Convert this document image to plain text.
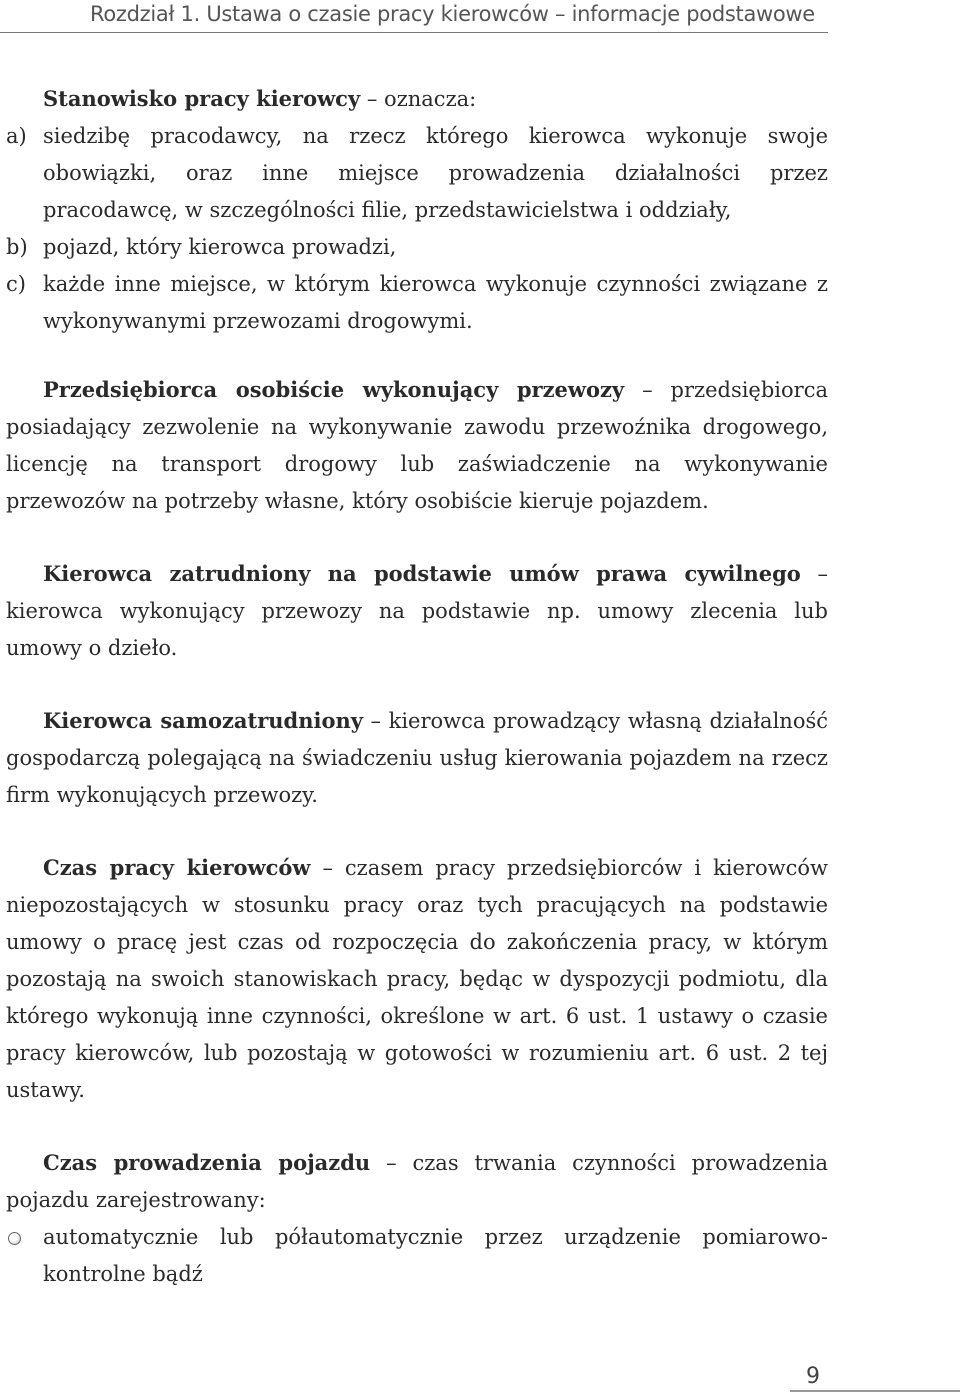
Rozdział 1. Ustawa o czasie pracy kierowców – informacje podstawowe

Stanowisko pracy kierowcy – oznacza:

a) siedzibę pracodawcy, na rzecz którego kierowca wykonuje swoje obowiązki, oraz inne miejsce prowadzenia działalności przez pracodawcę, w szczególności filie, przedstawicielstwa i oddziały,
b) pojazd, który kierowca prowadzi,
c) każde inne miejsce, w którym kierowca wykonuje czynności związane z wykonywanymi przewozami drogowymi.

Przedsiębiorca osobiście wykonujący przewozy – przedsiębiorca posiadający zezwolenie na wykonywanie zawodu przewoźnika drogowego, licencję na transport drogowy lub zaświadczenie na wykonywanie przewozów na potrzeby własne, który osobiście kieruje pojazdem.

Kierowca zatrudniony na podstawie umów prawa cywilnego – kierowca wykonujący przewozy na podstawie np. umowy zlecenia lub umowy o dzieło.

Kierowca samozatrudniony – kierowca prowadzący własną działalność gospodarczą polegającą na świadczeniu usług kierowania pojazdem na rzecz firm wykonujących przewozy.

Czas pracy kierowców – czasem pracy przedsiębiorców i kierowców niepozostających w stosunku pracy oraz tych pracujących na podstawie umowy o pracę jest czas od rozpoczęcia do zakończenia pracy, w którym pozostają na swoich stanowiskach pracy, będąc w dyspozycji podmiotu, dla którego wykonują inne czynności, określone w art. 6 ust. 1 ustawy o czasie pracy kierowców, lub pozostają w gotowości w rozumieniu art. 6 ust. 2 tej ustawy.

Czas prowadzenia pojazdu – czas trwania czynności prowadzenia pojazdu zarejestrowany:

automatycznie lub półautomatycznie przez urządzenie pomiarowo-kontrolne bądź
9
